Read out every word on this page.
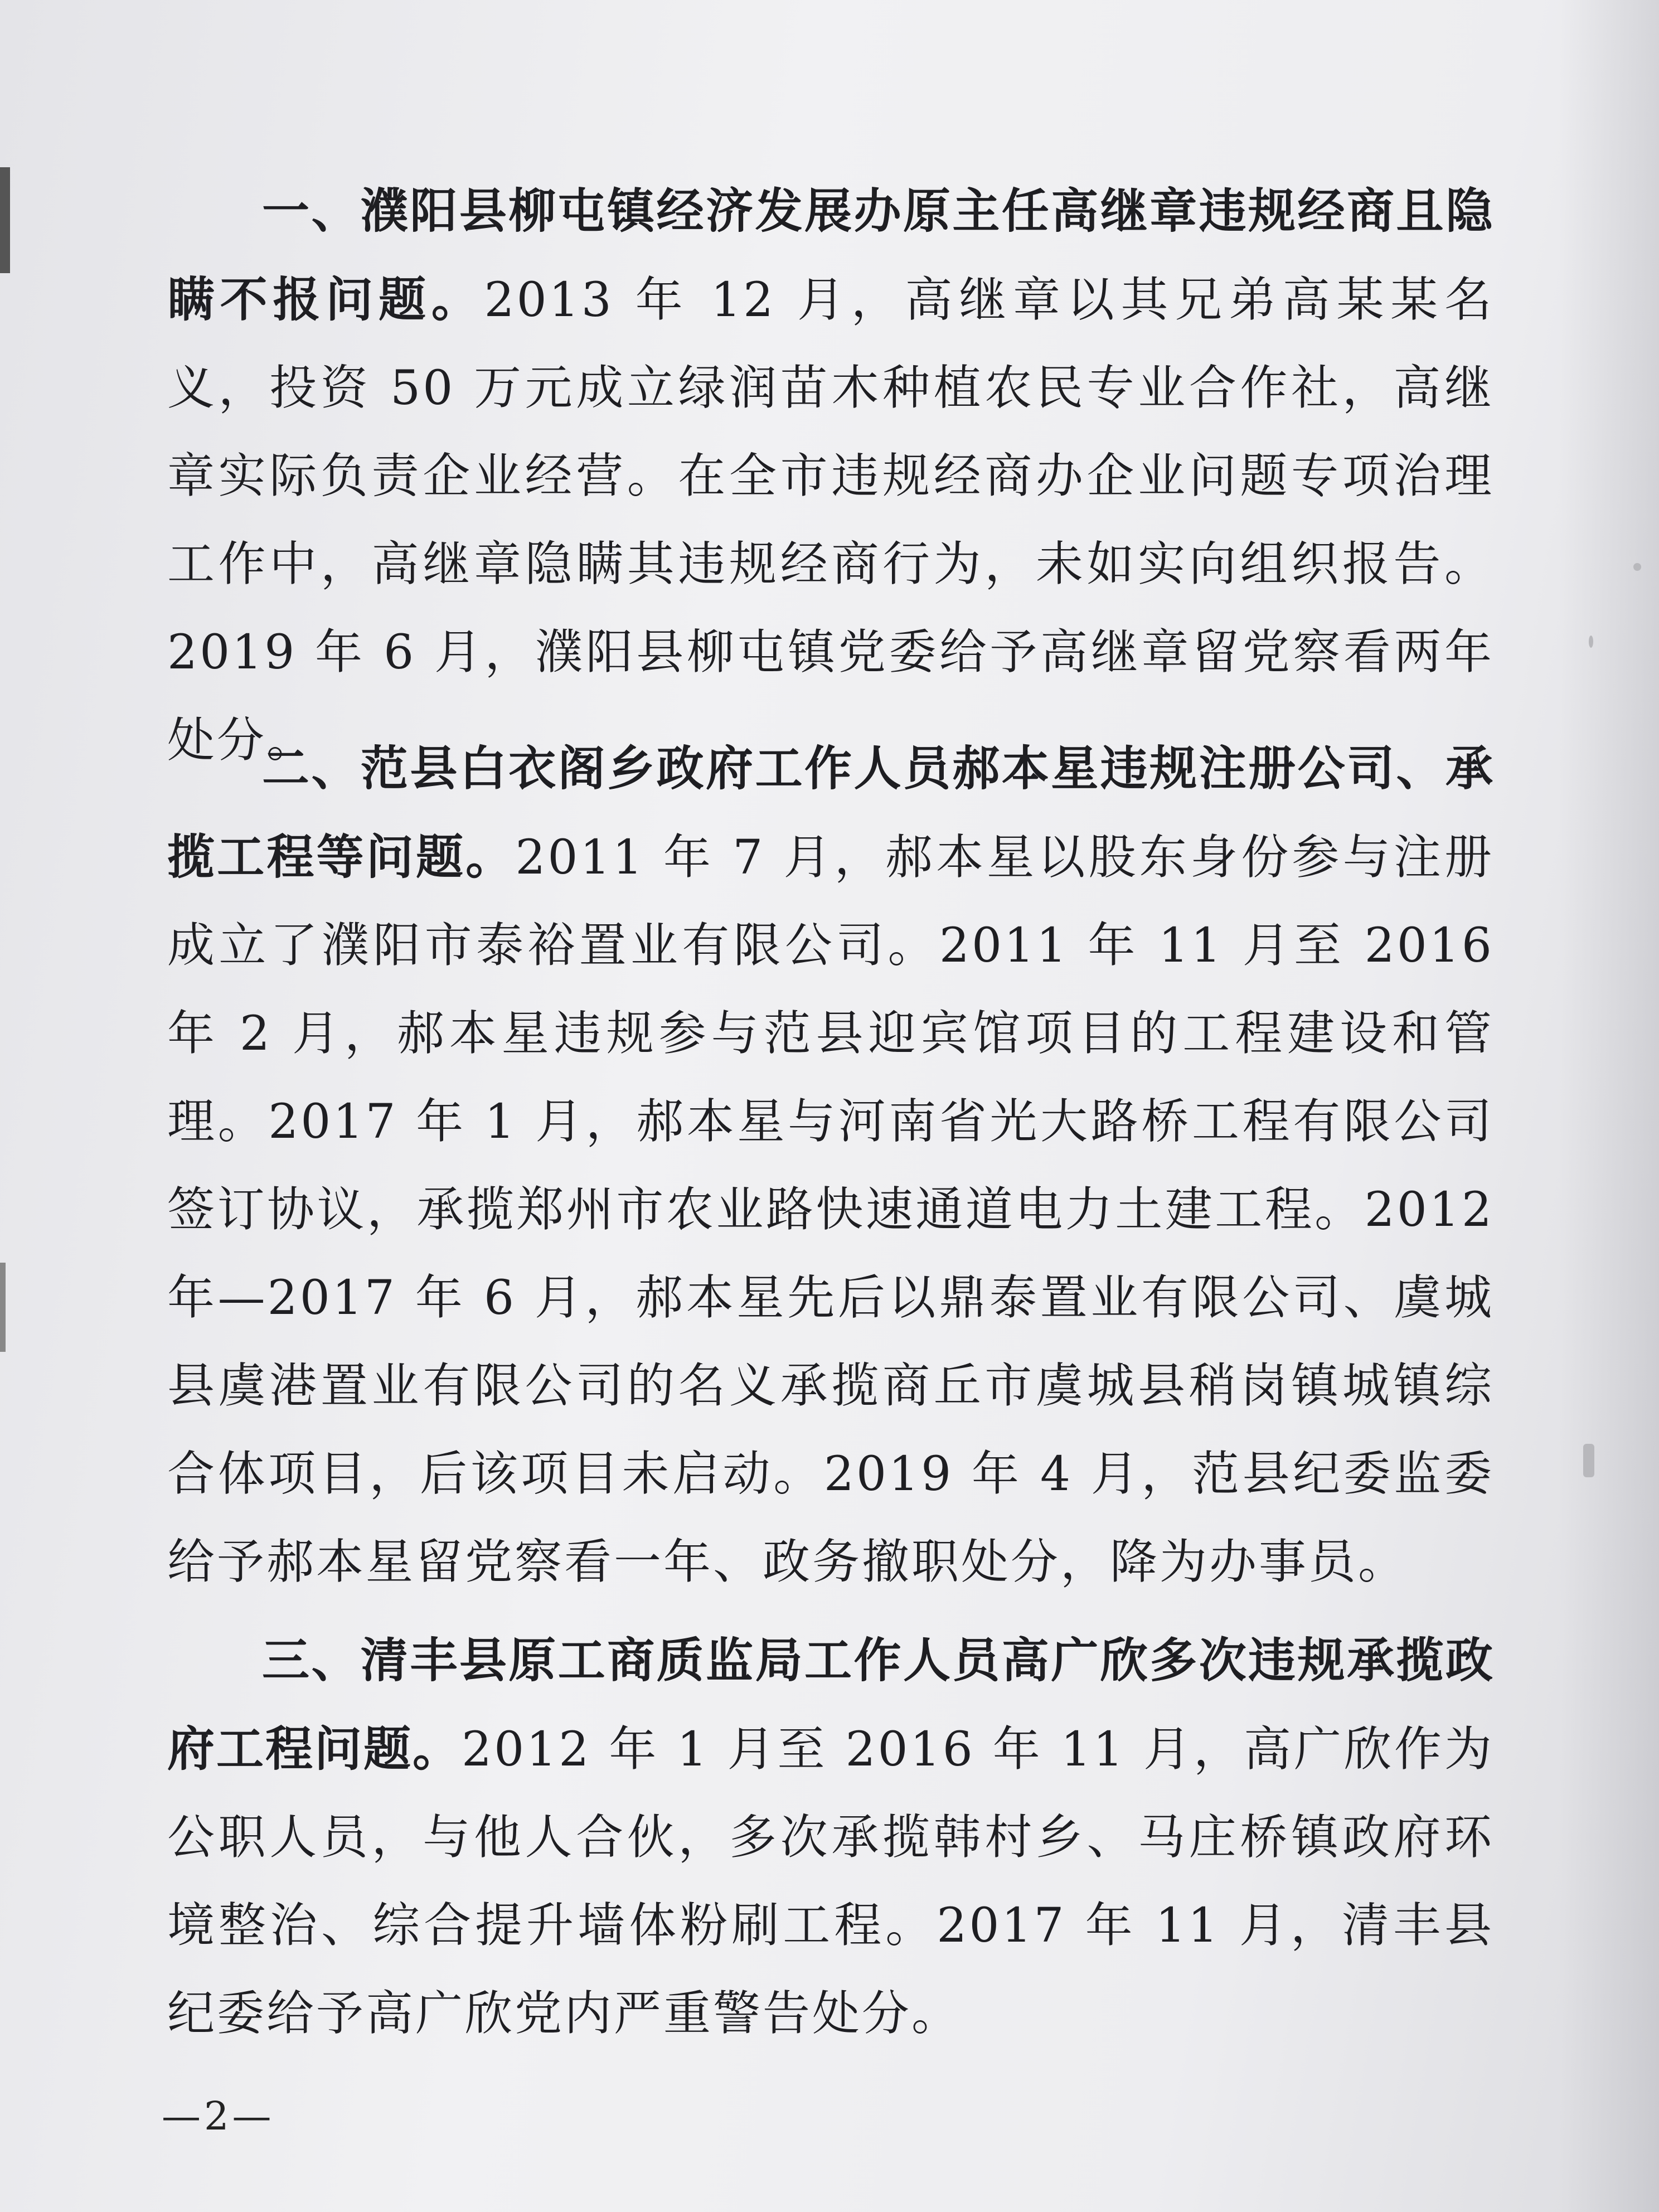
一、濮阳县柳屯镇经济发展办原主任高继章违规经商且隐瞒不报问题。2013 年 12 月，高继章以其兄弟高某某名义，投资 50 万元成立绿润苗木种植农民专业合作社，高继章实际负责企业经营。在全市违规经商办企业问题专项治理工作中，高继章隐瞒其违规经商行为，未如实向组织报告。2019 年 6 月，濮阳县柳屯镇党委给予高继章留党察看两年处分。

二、范县白衣阁乡政府工作人员郝本星违规注册公司、承揽工程等问题。2011 年 7 月，郝本星以股东身份参与注册成立了濮阳市泰裕置业有限公司。2011 年 11 月至 2016 年 2 月，郝本星违规参与范县迎宾馆项目的工程建设和管理。2017 年 1 月，郝本星与河南省光大路桥工程有限公司签订协议，承揽郑州市农业路快速通道电力土建工程。2012 年—2017 年 6 月，郝本星先后以鼎泰置业有限公司、虞城县虞港置业有限公司的名义承揽商丘市虞城县稍岗镇城镇综合体项目，后该项目未启动。2019 年 4 月，范县纪委监委给予郝本星留党察看一年、政务撤职处分，降为办事员。

三、清丰县原工商质监局工作人员高广欣多次违规承揽政府工程问题。2012 年 1 月至 2016 年 11 月，高广欣作为公职人员，与他人合伙，多次承揽韩村乡、马庄桥镇政府环境整治、综合提升墙体粉刷工程。2017 年 11 月，清丰县纪委给予高广欣党内严重警告处分。

—2—
